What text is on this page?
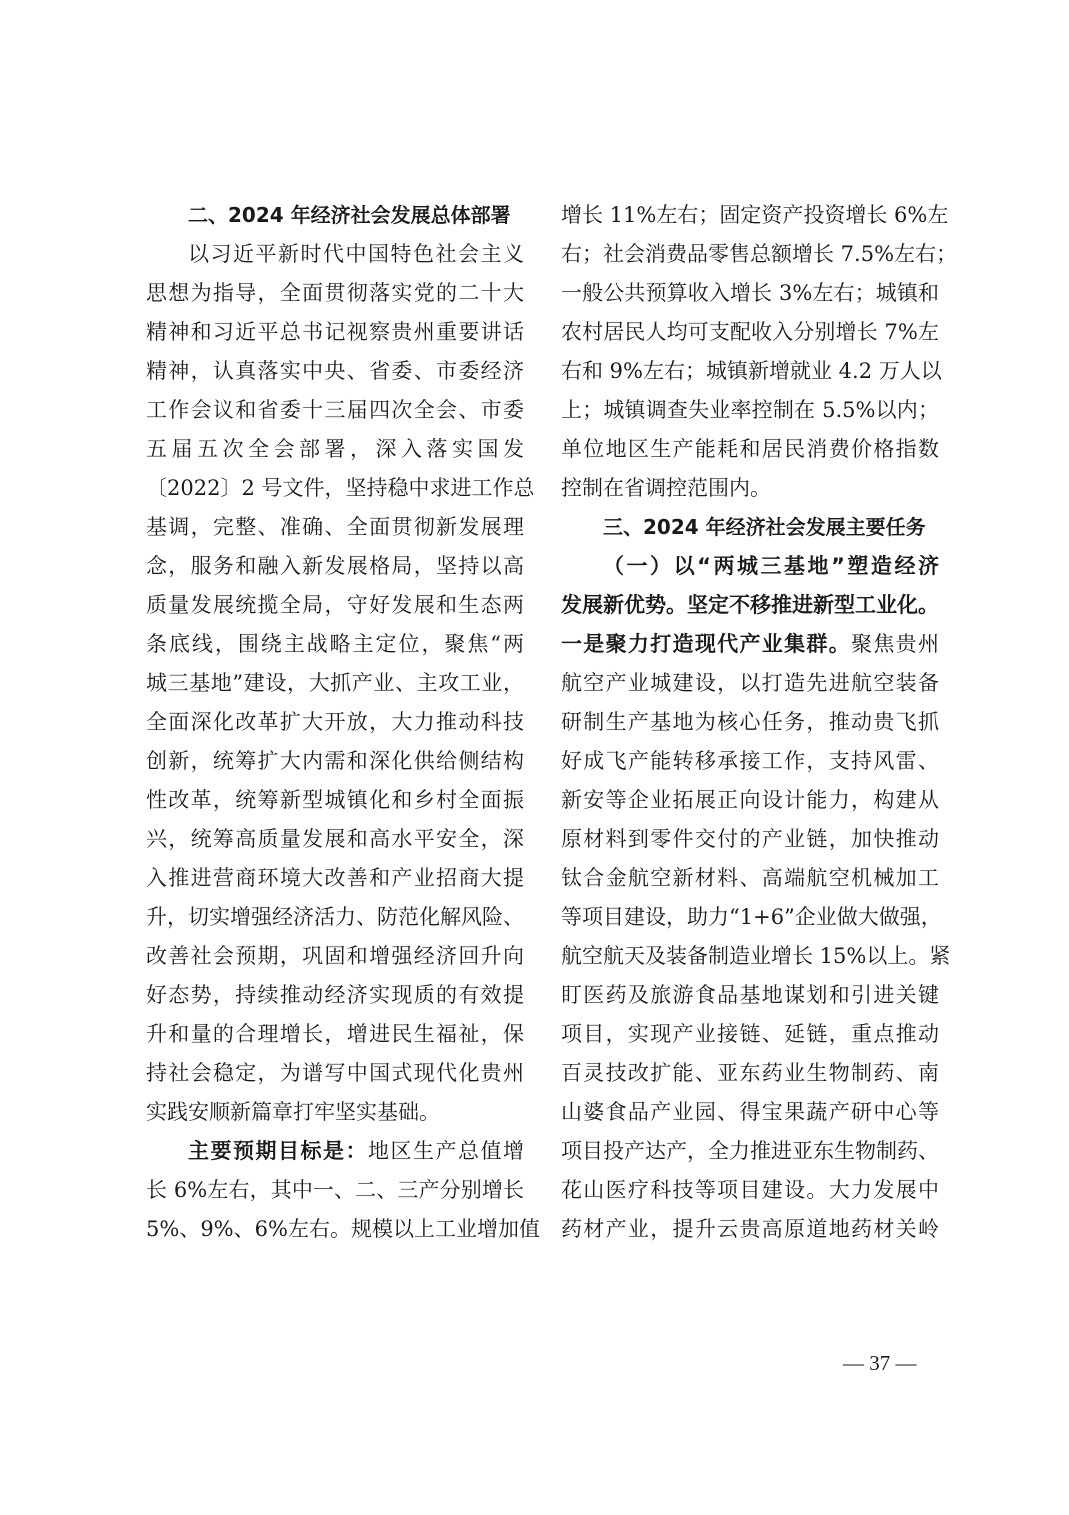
二、2024 年经济社会发展总体部署
以习近平新时代中国特色社会主义
思想为指导，全面贯彻落实党的二十大
精神和习近平总书记视察贵州重要讲话
精神，认真落实中央、省委、市委经济
工作会议和省委十三届四次全会、市委
五届五次全会部署，深入落实国发
〔2022〕2 号文件，坚持稳中求进工作总
基调，完整、准确、全面贯彻新发展理
念，服务和融入新发展格局，坚持以高
质量发展统揽全局，守好发展和生态两
条底线，围绕主战略主定位，聚焦“两
城三基地”建设，大抓产业、主攻工业，
全面深化改革扩大开放，大力推动科技
创新，统筹扩大内需和深化供给侧结构
性改革，统筹新型城镇化和乡村全面振
兴，统筹高质量发展和高水平安全，深
入推进营商环境大改善和产业招商大提
升，切实增强经济活力、防范化解风险、
改善社会预期，巩固和增强经济回升向
好态势，持续推动经济实现质的有效提
升和量的合理增长，增进民生福祉，保
持社会稳定，为谱写中国式现代化贵州
实践安顺新篇章打牢坚实基础。
主要预期目标是：地区生产总值增
长 6%左右，其中一、二、三产分别增长
5%、9%、6%左右。规模以上工业增加值
增长 11%左右；固定资产投资增长 6%左
右；社会消费品零售总额增长 7.5%左右；
一般公共预算收入增长 3%左右；城镇和
农村居民人均可支配收入分别增长 7%左
右和 9%左右；城镇新增就业 4.2 万人以
上；城镇调查失业率控制在 5.5%以内；
单位地区生产能耗和居民消费价格指数
控制在省调控范围内。
三、2024 年经济社会发展主要任务
（一）以“两城三基地”塑造经济
发展新优势。坚定不移推进新型工业化。
一是聚力打造现代产业集群。聚焦贵州
航空产业城建设，以打造先进航空装备
研制生产基地为核心任务，推动贵飞抓
好成飞产能转移承接工作，支持风雷、
新安等企业拓展正向设计能力，构建从
原材料到零件交付的产业链，加快推动
钛合金航空新材料、高端航空机械加工
等项目建设，助力“1+6”企业做大做强，
航空航天及装备制造业增长 15%以上。紧
盯医药及旅游食品基地谋划和引进关键
项目，实现产业接链、延链，重点推动
百灵技改扩能、亚东药业生物制药、南
山婆食品产业园、得宝果蔬产研中心等
项目投产达产，全力推进亚东生物制药、
花山医疗科技等项目建设。大力发展中
药材产业，提升云贵高原道地药材关岭
— 37 —
